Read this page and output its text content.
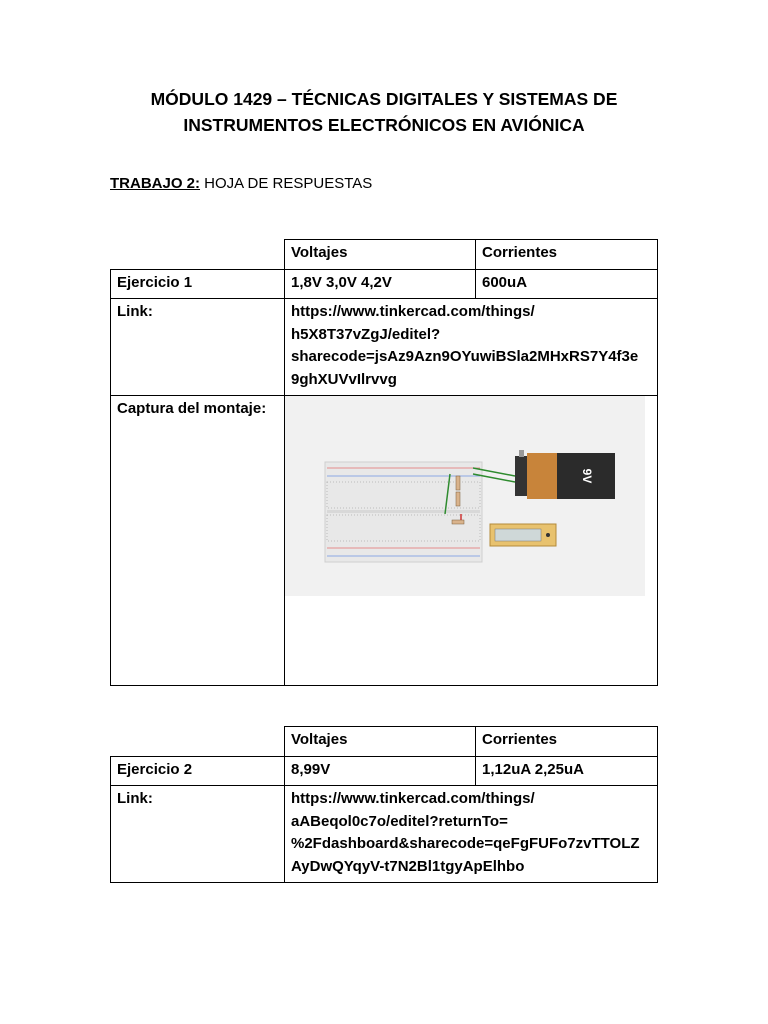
MÓDULO 1429 – TÉCNICAS DIGITALES Y SISTEMAS DE
INSTRUMENTOS ELECTRÓNICOS EN AVIÓNICA
TRABAJO 2: HOJA DE RESPUESTAS
	Voltajes	Corrientes
Ejercicio 1	1,8V 3,0V 4,2V	600uA
Link:	https://www.tinkercad.com/things/
h5X8T37vZgJ/editel?
sharecode=jsAz9Azn9OYuwiBSla2MHxRS7Y4f3e
9ghXUVvIlrvvg	

Captura del montaje:	9V	
	Voltajes	Corrientes
Ejercicio 2	8,99V	1,12uA 2,25uA
Link:	https://www.tinkercad.com/things/
aABeqol0c7o/editel?returnTo=
%2Fdashboard&sharecode=qeFgFUFo7zvTTOLZ
AyDwQYqyV-t7N2Bl1tgyApElhbo	
